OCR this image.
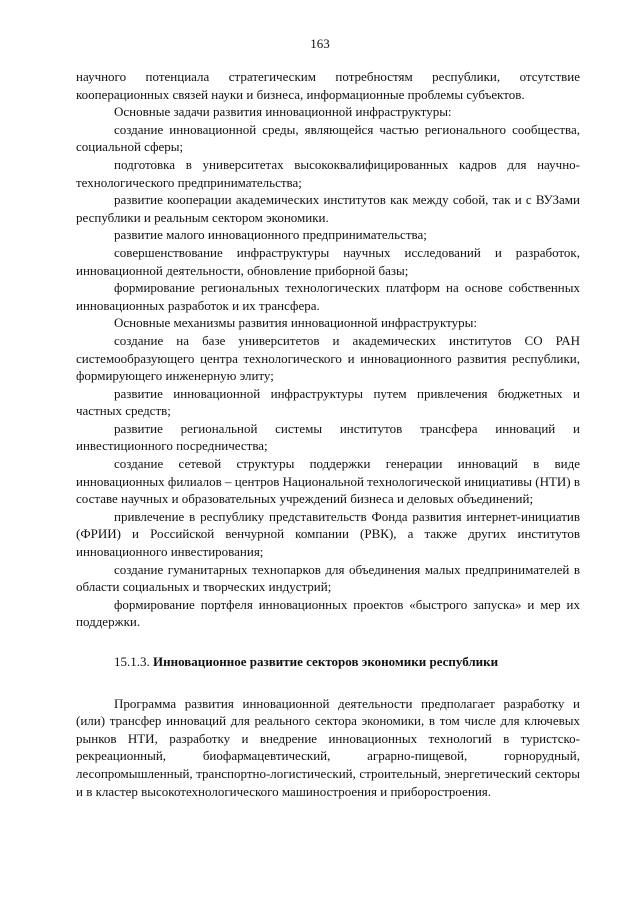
163

научного потенциала стратегическим потребностям республики, отсутствие кооперационных связей науки и бизнеса, информационные проблемы субъектов.

Основные задачи развития инновационной инфраструктуры:

создание инновационной среды, являющейся частью регионального сообщества, социальной сферы;

подготовка в университетах высококвалифицированных кадров для научно-технологического предпринимательства;

развитие кооперации академических институтов как между собой, так и с ВУЗами республики и реальным сектором экономики.

развитие малого инновационного предпринимательства;

совершенствование инфраструктуры научных исследований и разработок, инновационной деятельности, обновление приборной базы;

формирование региональных технологических платформ на основе собственных инновационных разработок и их трансфера.

Основные механизмы развития инновационной инфраструктуры:

создание на базе университетов и академических институтов СО РАН системообразующего центра технологического и инновационного развития республики, формирующего инженерную элиту;

развитие инновационной инфраструктуры путем привлечения бюджетных и частных средств;

развитие региональной системы институтов трансфера инноваций и инвестиционного посредничества;

создание сетевой структуры поддержки генерации инноваций в виде инновационных филиалов – центров Национальной технологической инициативы (НТИ) в составе научных и образовательных учреждений бизнеса и деловых объединений;

привлечение в республику представительств Фонда развития интернет-инициатив (ФРИИ) и Российской венчурной компании (РВК), а также других институтов инновационного инвестирования;

создание гуманитарных технопарков для объединения малых предпринимателей в области социальных и творческих индустрий;

формирование портфеля инновационных проектов «быстрого запуска» и мер их поддержки.

15.1.3. Инновационное развитие секторов экономики республики

Программа развития инновационной деятельности предполагает разработку и (или) трансфер инноваций для реального сектора экономики, в том числе для ключевых рынков НТИ, разработку и внедрение инновационных технологий в туристско-рекреационный, биофармацевтический, аграрно-пищевой, горнорудный, лесопромышленный, транспортно-логистический, строительный, энергетический секторы и в кластер высокотехнологического машиностроения и приборостроения.
